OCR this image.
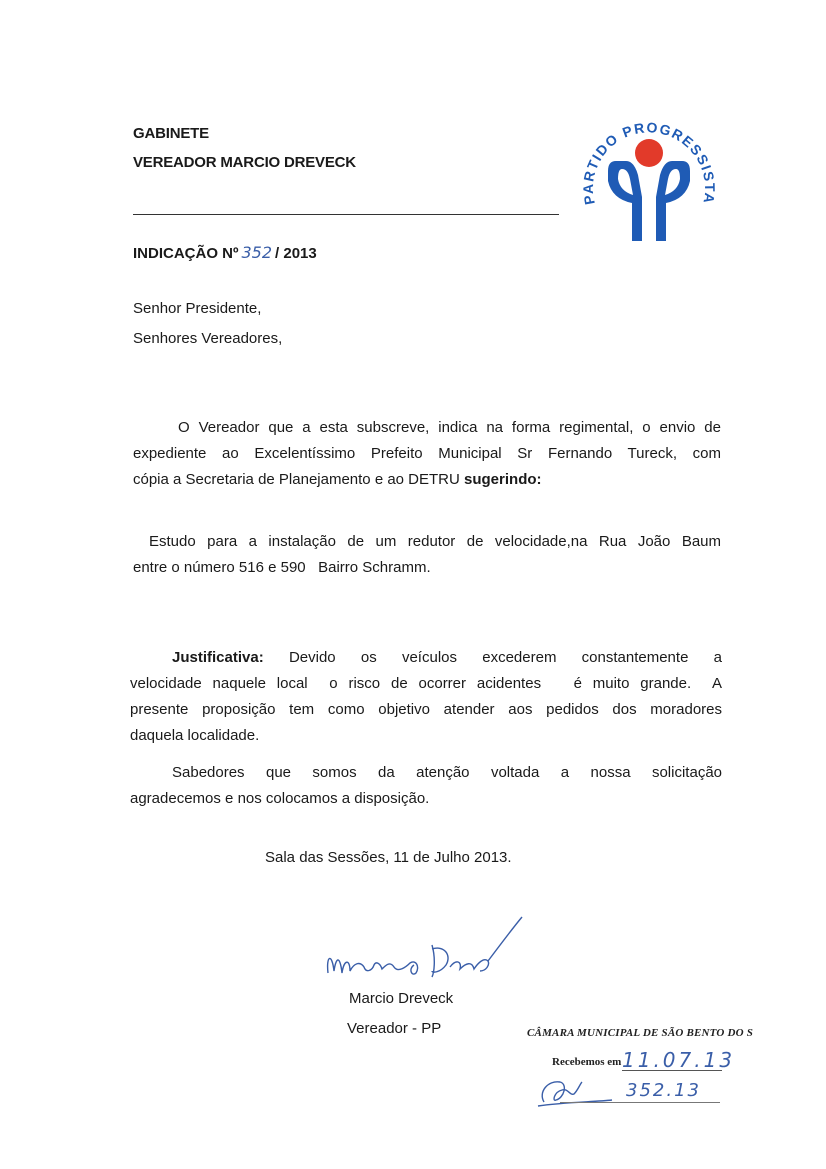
GABINETE
VEREADOR MARCIO DREVECK
PARTIDO PROGRESSISTA
INDICAÇÃO Nº 352 / 2013
Senhor Presidente,
Senhores Vereadores,
O Vereador que a esta subscreve, indica na forma regimental, o envio de
expediente ao Excelentíssimo Prefeito Municipal Sr Fernando Tureck, com
cópia a Secretaria de Planejamento e ao DETRU sugerindo:
Estudo para a instalação de um redutor de velocidade,na Rua João Baum
entre o número 516 e 590   Bairro Schramm.
Justificativa: Devido os veículos excederem constantemente a
velocidade naquele local  o risco de ocorrer acidentes   é muito grande.  A
presente proposição tem como objetivo atender aos pedidos dos moradores
daquela localidade.
Sabedores que somos da atenção voltada a nossa solicitação
agradecemos e nos colocamos a disposição.
Sala das Sessões, 11 de Julho 2013.
Marcio Dreveck
Vereador - PP	CÂMARA MUNICIPAL DE SÃO BENTO DO S
Recebemos em 11.07.13
352.13
